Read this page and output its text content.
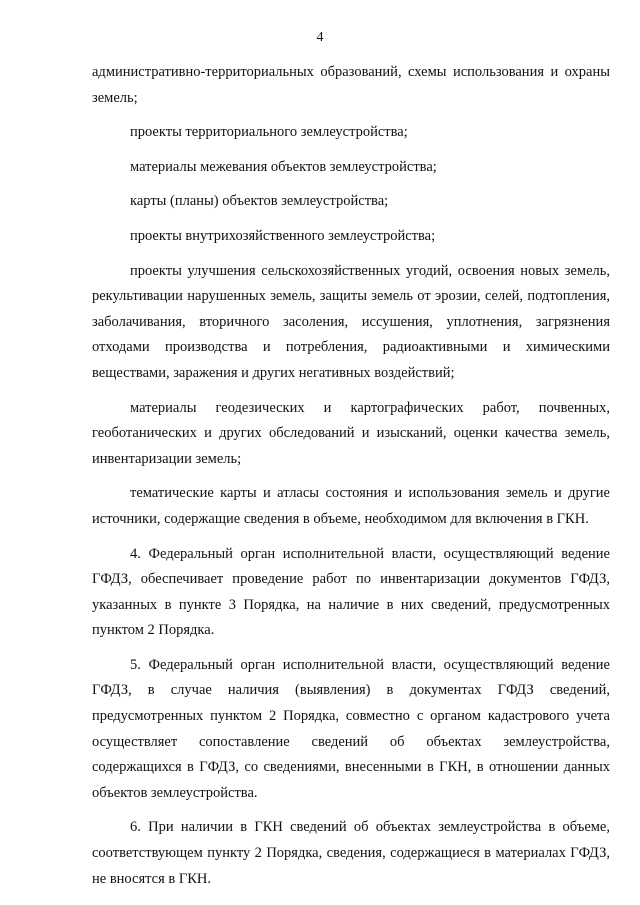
4

административно-территориальных образований, схемы использования и охраны земель;

проекты территориального землеустройства;

материалы межевания объектов землеустройства;

карты (планы) объектов землеустройства;

проекты внутрихозяйственного землеустройства;

проекты улучшения сельскохозяйственных угодий, освоения новых земель, рекультивации нарушенных земель, защиты земель от эрозии, селей, подтопления, заболачивания, вторичного засоления, иссушения, уплотнения, загрязнения отходами производства и потребления, радиоактивными и химическими веществами, заражения и других негативных воздействий;

материалы геодезических и картографических работ, почвенных, геоботанических и других обследований и изысканий, оценки качества земель, инвентаризации земель;

тематические карты и атласы состояния и использования земель и другие источники, содержащие сведения в объеме, необходимом для включения в ГКН.

4. Федеральный орган исполнительной власти, осуществляющий ведение ГФДЗ, обеспечивает проведение работ по инвентаризации документов ГФДЗ, указанных в пункте 3 Порядка, на наличие в них сведений, предусмотренных пунктом 2 Порядка.

5. Федеральный орган исполнительной власти, осуществляющий ведение ГФДЗ, в случае наличия (выявления) в документах ГФДЗ сведений, предусмотренных пунктом 2 Порядка, совместно с органом кадастрового учета осуществляет сопоставление сведений об объектах землеустройства, содержащихся в ГФДЗ, со сведениями, внесенными в ГКН, в отношении данных объектов землеустройства.

6. При наличии в ГКН сведений об объектах землеустройства в объеме, соответствующем пункту 2 Порядка, сведения, содержащиеся в материалах ГФДЗ, не вносятся в ГКН.
